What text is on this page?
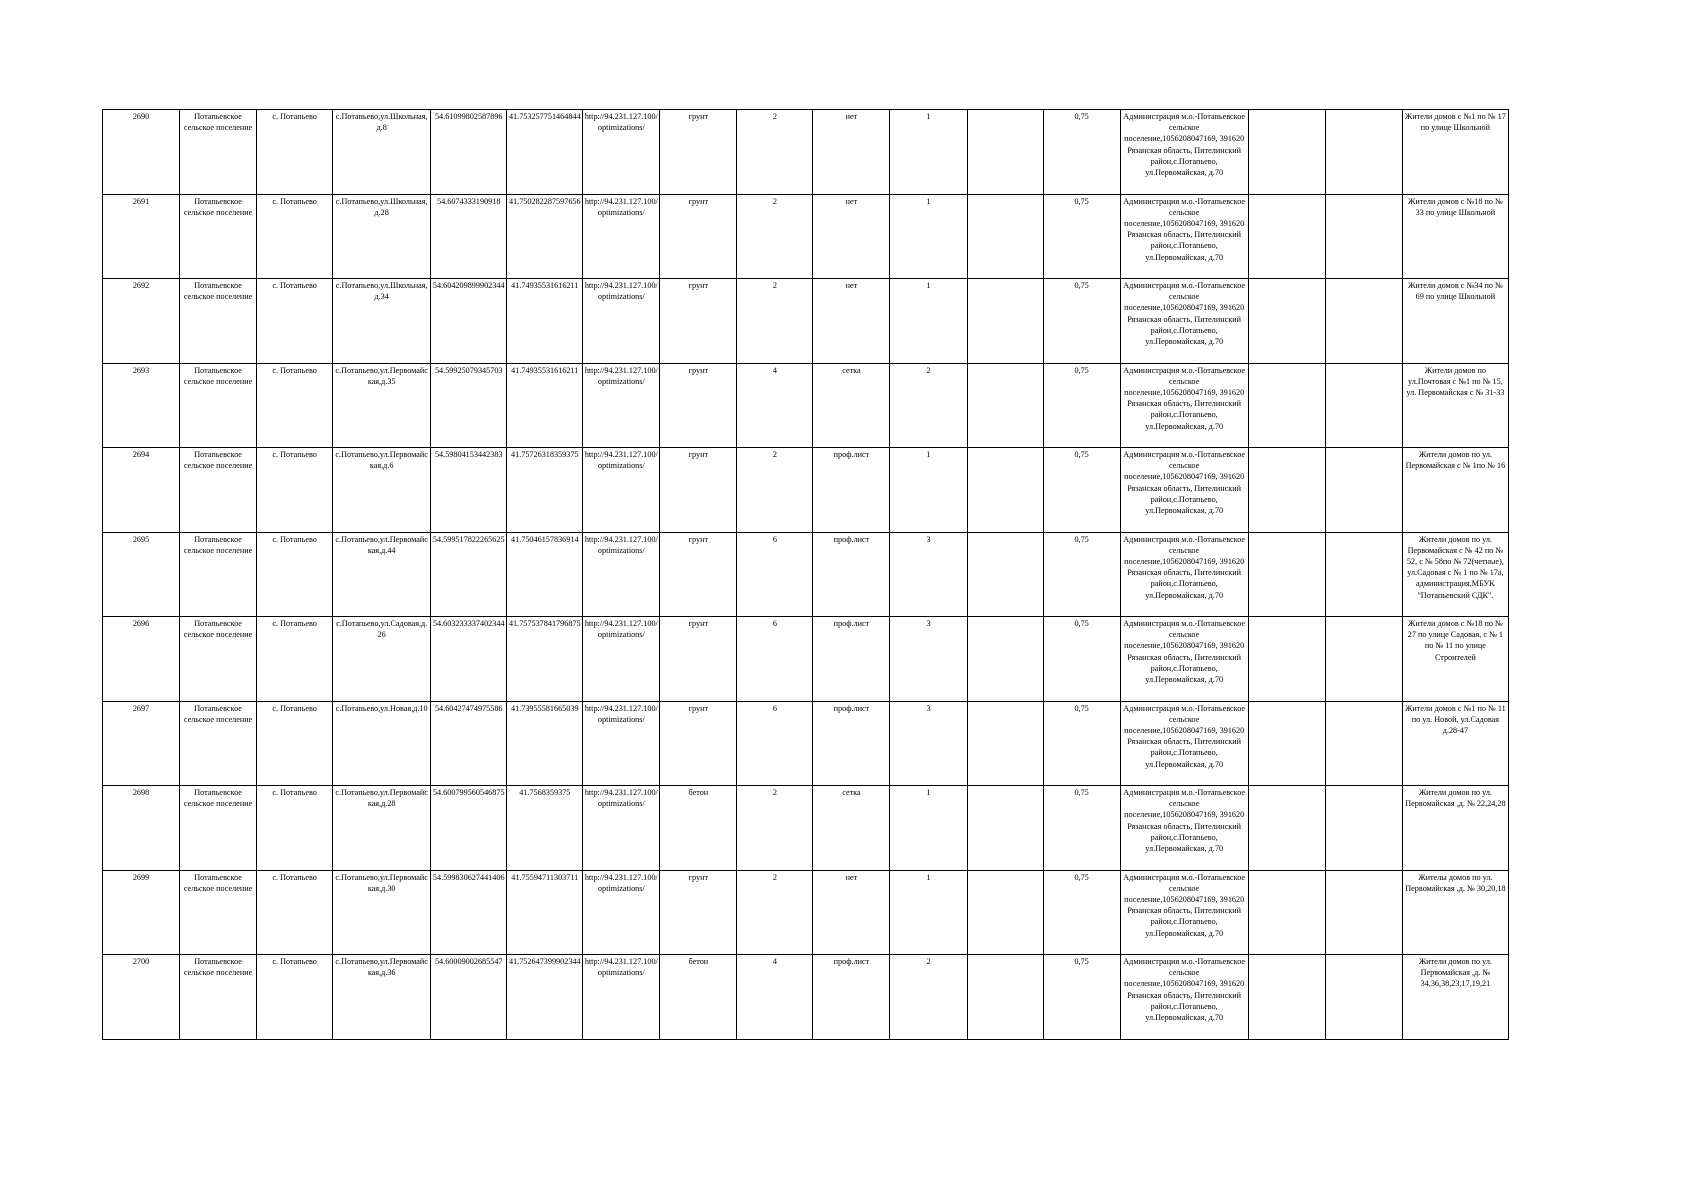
2690	Потапьевское сельское поселение	с. Потапьево	с.Потапьево,ул.Школьная,д.8	54.61099802587896	41.753257751464844	http://94.231.127.100/optimizations/	грунт	2	нет	1		0,75	Администрация м.о.-Потапьевское сельское поселение,1056208047169, 391620 Рязанская область, Пителинский район,с.Потапьево, ул.Первомайская, д.70			Жители домов с №1 по № 17 по улице Школьной
2691	Потапьевское сельское поселение	с. Потапьево	с.Потапьево,ул.Школьная,д.28	54.6074333190918	41.750282287597656	http://94.231.127.100/optimizations/	грунт	2	нет	1		0,75	Администрация м.о.-Потапьевское сельское поселение,1056208047169, 391620 Рязанская область, Пителинский район,с.Потапьево, ул.Первомайская, д.70			Жители домов с №18 по № 33 по улице Школьной
2692	Потапьевское сельское поселение	с. Потапьево	с.Потапьево,ул.Школьная,д.34	54.604209899902344	41.74935531616211	http://94.231.127.100/optimizations/	грунт	2	нет	1		0,75	Администрация м.о.-Потапьевское сельское поселение,1056208047169, 391620 Рязанская область, Пителинский район,с.Потапьево, ул.Первомайская, д.70			Жители домов с №34 по № 69 по улице Школьной
2693	Потапьевское сельское поселение	с. Потапьево	с.Потапьево,ул.Первомайская,д.35	54.59925079345703	41.74935531616211	http://94.231.127.100/optimizations/	грунт	4	сетка	2		0,75	Администрация м.о.-Потапьевское сельское поселение,1056208047169, 391620 Рязанская область, Пителинский район,с.Потапьево, ул.Первомайская, д.70			Жители домов по ул.Почтовая с №1 по № 15, ул. Первомайская с № 31-33
2694	Потапьевское сельское поселение	с. Потапьево	с.Потапьево,ул.Первомайская,д.6	54.59804153442383	41.75726318359375	http://94.231.127.100/optimizations/	грунт	2	проф.лист	1		0,75	Администрация м.о.-Потапьевское сельское поселение,1056208047169, 391620 Рязанская область, Пителинский район,с.Потапьево, ул.Первомайская, д.70			Жители домов по ул. Первомайская с № 1по № 16
2695	Потапьевское сельское поселение	с. Потапьево	с.Потапьево,ул.Первомайская,д.44	54.599517822265625	41.75046157836914	http://94.231.127.100/optimizations/	грунт	6	проф.лист	3		0,75	Администрация м.о.-Потапьевское сельское поселение,1056208047169, 391620 Рязанская область, Пителинский район,с.Потапьево, ул.Первомайская, д.70			Жители домов по ул. Первомайская с № 42 по № 52, с № 58по № 72(четные), ул.Садовая с № 1 по № 17а, администрация,МБУК "Потапьевский СДК".
2696	Потапьевское сельское поселение	с. Потапьево	с.Потапьево,ул.Садовая,д.26	54.603233337402344	41.757537841796875	http://94.231.127.100/optimizations/	грунт	6	проф.лист	3		0,75	Администрация м.о.-Потапьевское сельское поселение,1056208047169, 391620 Рязанская область, Пителинский район,с.Потапьево, ул.Первомайская, д.70			Жители домов с №18 по № 27 по улице Садовая, с № 1 по № 11 по улице Строителей
2697	Потапьевское сельское поселение	с. Потапьево	с.Потапьево,ул.Новая,д.10	54.60427474975586	41.73955581665039	http://94.231.127.100/optimizations/	грунт	6	проф.лист	3		0,75	Администрация м.о.-Потапьевское сельское поселение,1056208047169, 391620 Рязанская область, Пителинский район,с.Потапьево, ул.Первомайская, д.70			Жители домов с №1 по № 11 по ул. Новой, ул.Садовая д.28-47
2698	Потапьевское сельское поселение	с. Потапьево	с.Потапьево,ул.Первомайская,д.28	54.600799560546875	41.7568359375	http://94.231.127.100/optimizations/	бетон	2	сетка	1		0,75	Администрация м.о.-Потапьевское сельское поселение,1056208047169, 391620 Рязанская область, Пителинский район,с.Потапьево, ул.Первомайская, д.70			Жители домов по ул. Первомайская ,д. № 22,24,28
2699	Потапьевское сельское поселение	с. Потапьево	с.Потапьево,ул.Первомайская,д.30	54.599830627441406	41.75594711303711	http://94.231.127.100/optimizations/	грунт	2	нет	1		0,75	Администрация м.о.-Потапьевское сельское поселение,1056208047169, 391620 Рязанская область, Пителинский район,с.Потапьево, ул.Первомайская, д.70			Жителы домов по ул. Первомайская ,д. № 30,20,18
2700	Потапьевское сельское поселение	с. Потапьево	с.Потапьево,ул.Первомайская,д.36	54.60009002685547	41.752647399902344	http://94.231.127.100/optimizations/	бетон	4	проф.лист	2		0,75	Администрация м.о.-Потапьевское сельское поселение,1056208047169, 391620 Рязанская область, Пителинский район,с.Потапьево, ул.Первомайская, д.70			Жители домов по ул. Первомайская ,д. № 34,36,38,23,17,19,21
